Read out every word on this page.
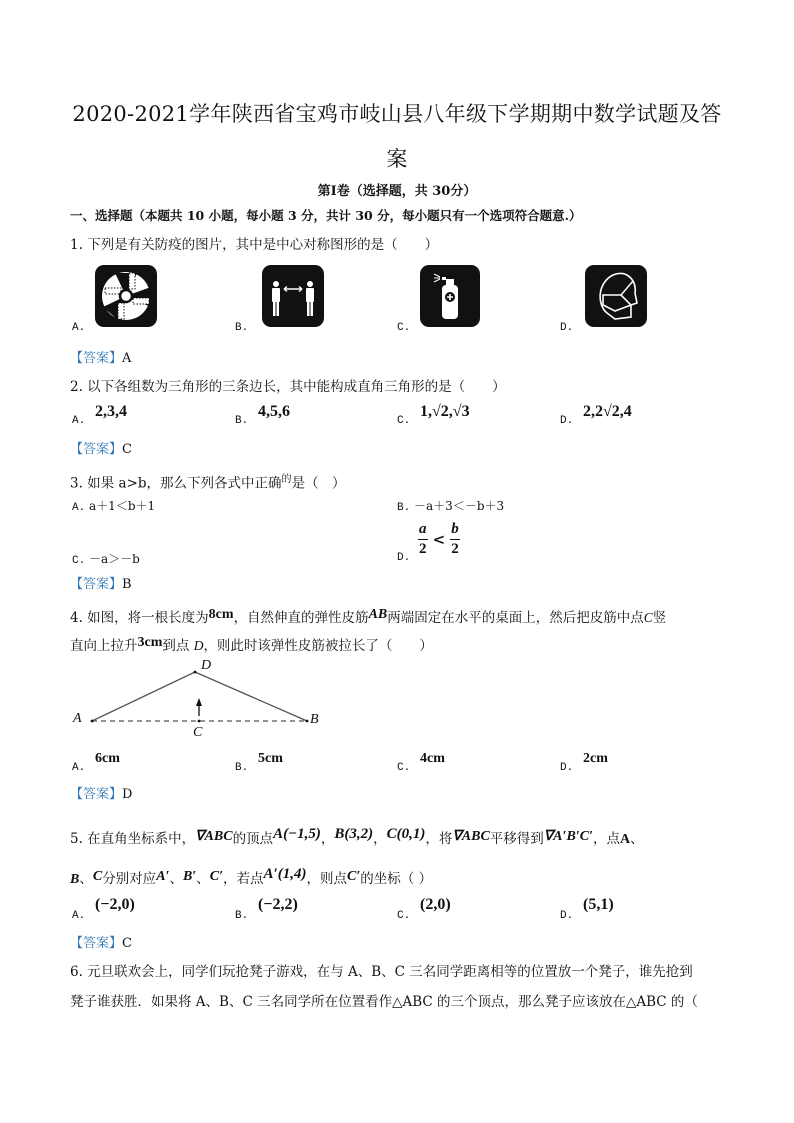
2020-2021学年陕西省宝鸡市岐山县八年级下学期期中数学试题及答
案
第Ⅰ卷（选择题，共 30分）
一、选择题（本题共 10 小题，每小题 3 分，共计 30 分，每小题只有一个选项符合题意.）
1. 下列是有关防疫的图片，其中是中心对称图形的是（　　）
A.	B.	C.	D.
【答案】A
2. 以下各组数为三角形的三条边长，其中能构成直角三角形的是（　　）
A.
2,3,4
B.
4,5,6
C.
1,√2,√3
D.
2,2√2,4
【答案】C
3. 如果 a>b，那么下列各式中正确$^的$是（　）
A. a＋1＜b＋1	B. －a＋3＜－b＋3
C. －a＞－b	D.
$\frac{a}{2} < \frac{b}{2}$
【答案】B
4. 如图，将一根长度为8cm，自然伸直的弹性皮筋AB两端固定在水平的桌面上，然后把皮筋中点C竖
直向上拉升3cm到点 D，则此时该弹性皮筋被拉长了（　　）
A
D
C
B
A.
6cm
B.
5cm
C.
4cm
D.
2cm
【答案】D
5. 在直角坐标系中，∇ABC的顶点A(−1,5)，B(3,2)，C(0,1)，将∇ABC平移得到∇A′B′C′，点A、
B、C分别对应A′、B′、C′，若点A′(1,4)，则点C′的坐标（ ）
A.
(−2,0)
B.
(−2,2)
C.
(2,0)
D.
(5,1)
【答案】C
6. 元旦联欢会上，同学们玩抢凳子游戏，在与 A、B、C 三名同学距离相等的位置放一个凳子，谁先抢到
凳子谁获胜．如果将 A、B、C 三名同学所在位置看作△ABC 的三个顶点，那么凳子应该放在△ABC 的（
